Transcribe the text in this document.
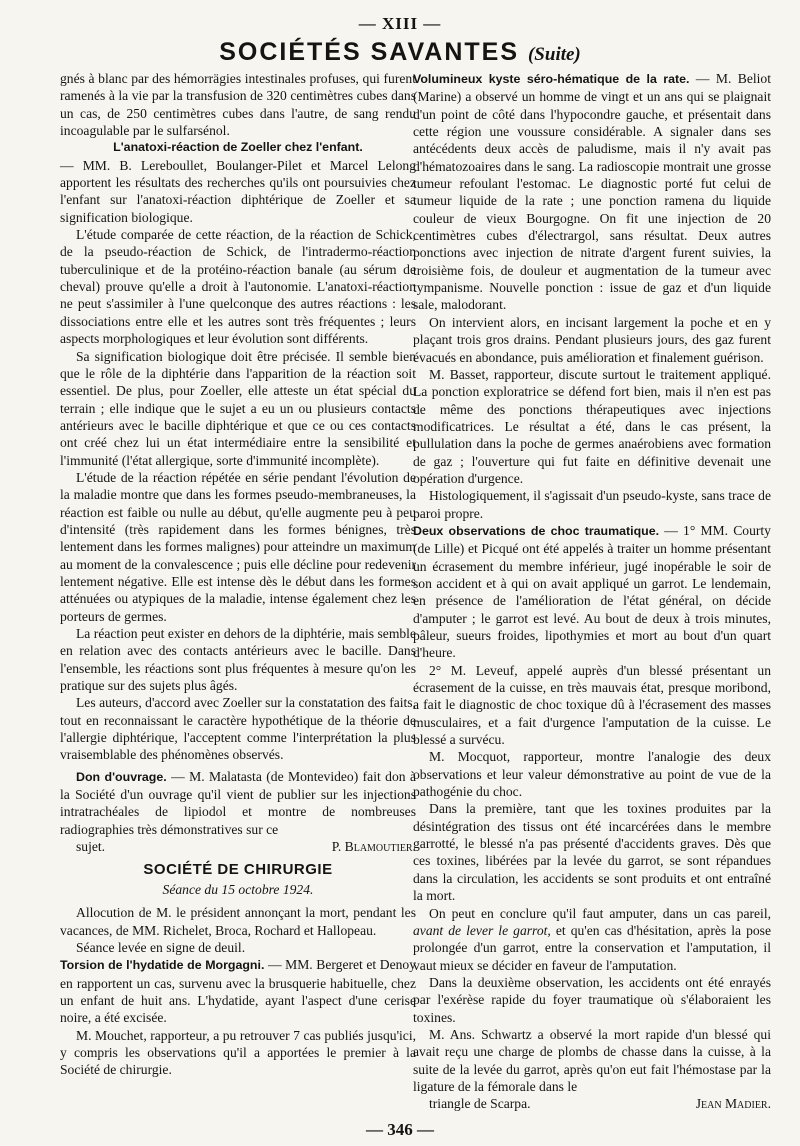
— XIII —
SOCIÉTÉS SAVANTES (Suite)

gnés à blanc par des hémorrägies intestinales profuses, qui furent ramenés à la vie par la transfusion de 320 centimètres cubes dans un cas, de 250 centimètres cubes dans l'autre, de sang rendu incoagulable par le sulfarsénol.

L'anatoxi-réaction de Zoeller chez l'enfant.

— MM. B. Lereboullet, Boulanger-Pilet et Marcel Lelong apportent les résultats des recherches qu'ils ont poursuivies chez l'enfant sur l'anatoxi-réaction diphtérique de Zoeller et sa signification biologique.

L'étude comparée de cette réaction, de la réaction de Schick, de la pseudo-réaction de Schick, de l'intradermo-réaction tuberculinique et de la protéino-réaction banale (au sérum de cheval) prouve qu'elle a droit à l'autonomie. L'anatoxi-réaction ne peut s'assimiler à l'une quelconque des autres réactions : les dissociations entre elle et les autres sont très fréquentes ; leurs aspects morphologiques et leur évolution sont différents.

Sa signification biologique doit être précisée. Il semble bien que le rôle de la diphtérie dans l'apparition de la réaction soit essentiel. De plus, pour Zoeller, elle atteste un état spécial du terrain ; elle indique que le sujet a eu un ou plusieurs contacts antérieurs avec le bacille diphtérique et que ce ou ces contacts ont créé chez lui un état intermédiaire entre la sensibilité et l'immunité (l'état allergique, sorte d'immunité incomplète).

L'étude de la réaction répétée en série pendant l'évolution de la maladie montre que dans les formes pseudo-membraneuses, la réaction est faible ou nulle au début, qu'elle augmente peu à peu d'intensité (très rapidement dans les formes bénignes, très lentement dans les formes malignes) pour atteindre un maximum au moment de la convalescence ; puis elle décline pour redevenir lentement négative. Elle est intense dès le début dans les formes atténuées ou atypiques de la maladie, intense également chez les porteurs de germes.

La réaction peut exister en dehors de la diphtérie, mais semble en relation avec des contacts antérieurs avec le bacille. Dans l'ensemble, les réactions sont plus fréquentes à mesure qu'on les pratique sur des sujets plus âgés.

Les auteurs, d'accord avec Zoeller sur la constatation des faits, tout en reconnaissant le caractère hypothétique de la théorie de l'allergie diphtérique, l'acceptent comme l'interprétation la plus vraisemblable des phénomènes observés.

Don d'ouvrage. — M. Malatasta (de Montevideo) fait don à la Société d'un ouvrage qu'il vient de publier sur les injections intratrachéales de lipiodol et montre de nombreuses radiographies très démonstratives sur ce

sujet.	P. Blamoutier.

SOCIÉTÉ DE CHIRURGIE
Séance du 15 octobre 1924.

Allocution de M. le président annonçant la mort, pendant les vacances, de MM. Richelet, Broca, Rochard et Hallopeau.

Séance levée en signe de deuil.

Torsion de l'hydatide de Morgagni. — MM. Bergeret et Denoy en rapportent un cas, survenu avec la brusquerie habituelle, chez un enfant de huit ans. L'hydatide, ayant l'aspect d'une cerise noire, a été excisée.

M. Mouchet, rapporteur, a pu retrouver 7 cas publiés jusqu'ici, y compris les observations qu'il a apportées le premier à la Société de chirurgie.

Volumineux kyste séro-hématique de la rate. — M. Beliot (Marine) a observé un homme de vingt et un ans qui se plaignait d'un point de côté dans l'hypocondre gauche, et présentait dans cette région une voussure considérable. A signaler dans ses antécédents deux accès de paludisme, mais il n'y avait pas d'hématozoaires dans le sang. La radioscopie montrait une grosse tumeur refoulant l'estomac. Le diagnostic porté fut celui de tumeur liquide de la rate ; une ponction ramena du liquide couleur de vieux Bourgogne. On fit une injection de 20 centimètres cubes d'électrargol, sans résultat. Deux autres ponctions avec injection de nitrate d'argent furent suivies, la troisième fois, de douleur et augmentation de la tumeur avec tympanisme. Nouvelle ponction : issue de gaz et d'un liquide sale, malodorant.

On intervient alors, en incisant largement la poche et en y plaçant trois gros drains. Pendant plusieurs jours, des gaz furent évacués en abondance, puis amélioration et finalement guérison.

M. Basset, rapporteur, discute surtout le traitement appliqué. La ponction exploratrice se défend fort bien, mais il n'en est pas de même des ponctions thérapeutiques avec injections modificatrices. Le résultat a été, dans le cas présent, la pullulation dans la poche de germes anaérobiens avec formation de gaz ; l'ouverture qui fut faite en définitive devenait une opération d'urgence.

Histologiquement, il s'agissait d'un pseudo-kyste, sans trace de paroi propre.

Deux observations de choc traumatique. — 1° MM. Courty (de Lille) et Picqué ont été appelés à traiter un homme présentant un écrasement du membre inférieur, jugé inopérable le soir de son accident et à qui on avait appliqué un garrot. Le lendemain, en présence de l'amélioration de l'état général, on décide d'amputer ; le garrot est levé. Au bout de deux à trois minutes, pâleur, sueurs froides, lipothymies et mort au bout d'un quart d'heure.

2° M. Leveuf, appelé auprès d'un blessé présentant un écrasement de la cuisse, en très mauvais état, presque moribond, a fait le diagnostic de choc toxique dû à l'écrasement des masses musculaires, et a fait d'urgence l'amputation de la cuisse. Le blessé a survécu.

M. Mocquot, rapporteur, montre l'analogie des deux observations et leur valeur démonstrative au point de vue de la pathogénie du choc.

Dans la première, tant que les toxines produites par la désintégration des tissus ont été incarcérées dans le membre garrotté, le blessé n'a pas présenté d'accidents graves. Dès que ces toxines, libérées par la levée du garrot, se sont répandues dans la circulation, les accidents se sont produits et ont entraîné la mort.

On peut en conclure qu'il faut amputer, dans un cas pareil, avant de lever le garrot, et qu'en cas d'hésitation, après la pose prolongée d'un garrot, entre la conservation et l'amputation, il vaut mieux se décider en faveur de l'amputation.

Dans la deuxième observation, les accidents ont été enrayés par l'exérèse rapide du foyer traumatique où s'élaboraient les toxines.

M. Ans. Schwartz a observé la mort rapide d'un blessé qui avait reçu une charge de plombs de chasse dans la cuisse, à la suite de la levée du garrot, après qu'on eut fait l'hémostase par la ligature de la fémorale dans le

triangle de Scarpa.	Jean Madier.

— 346 —
